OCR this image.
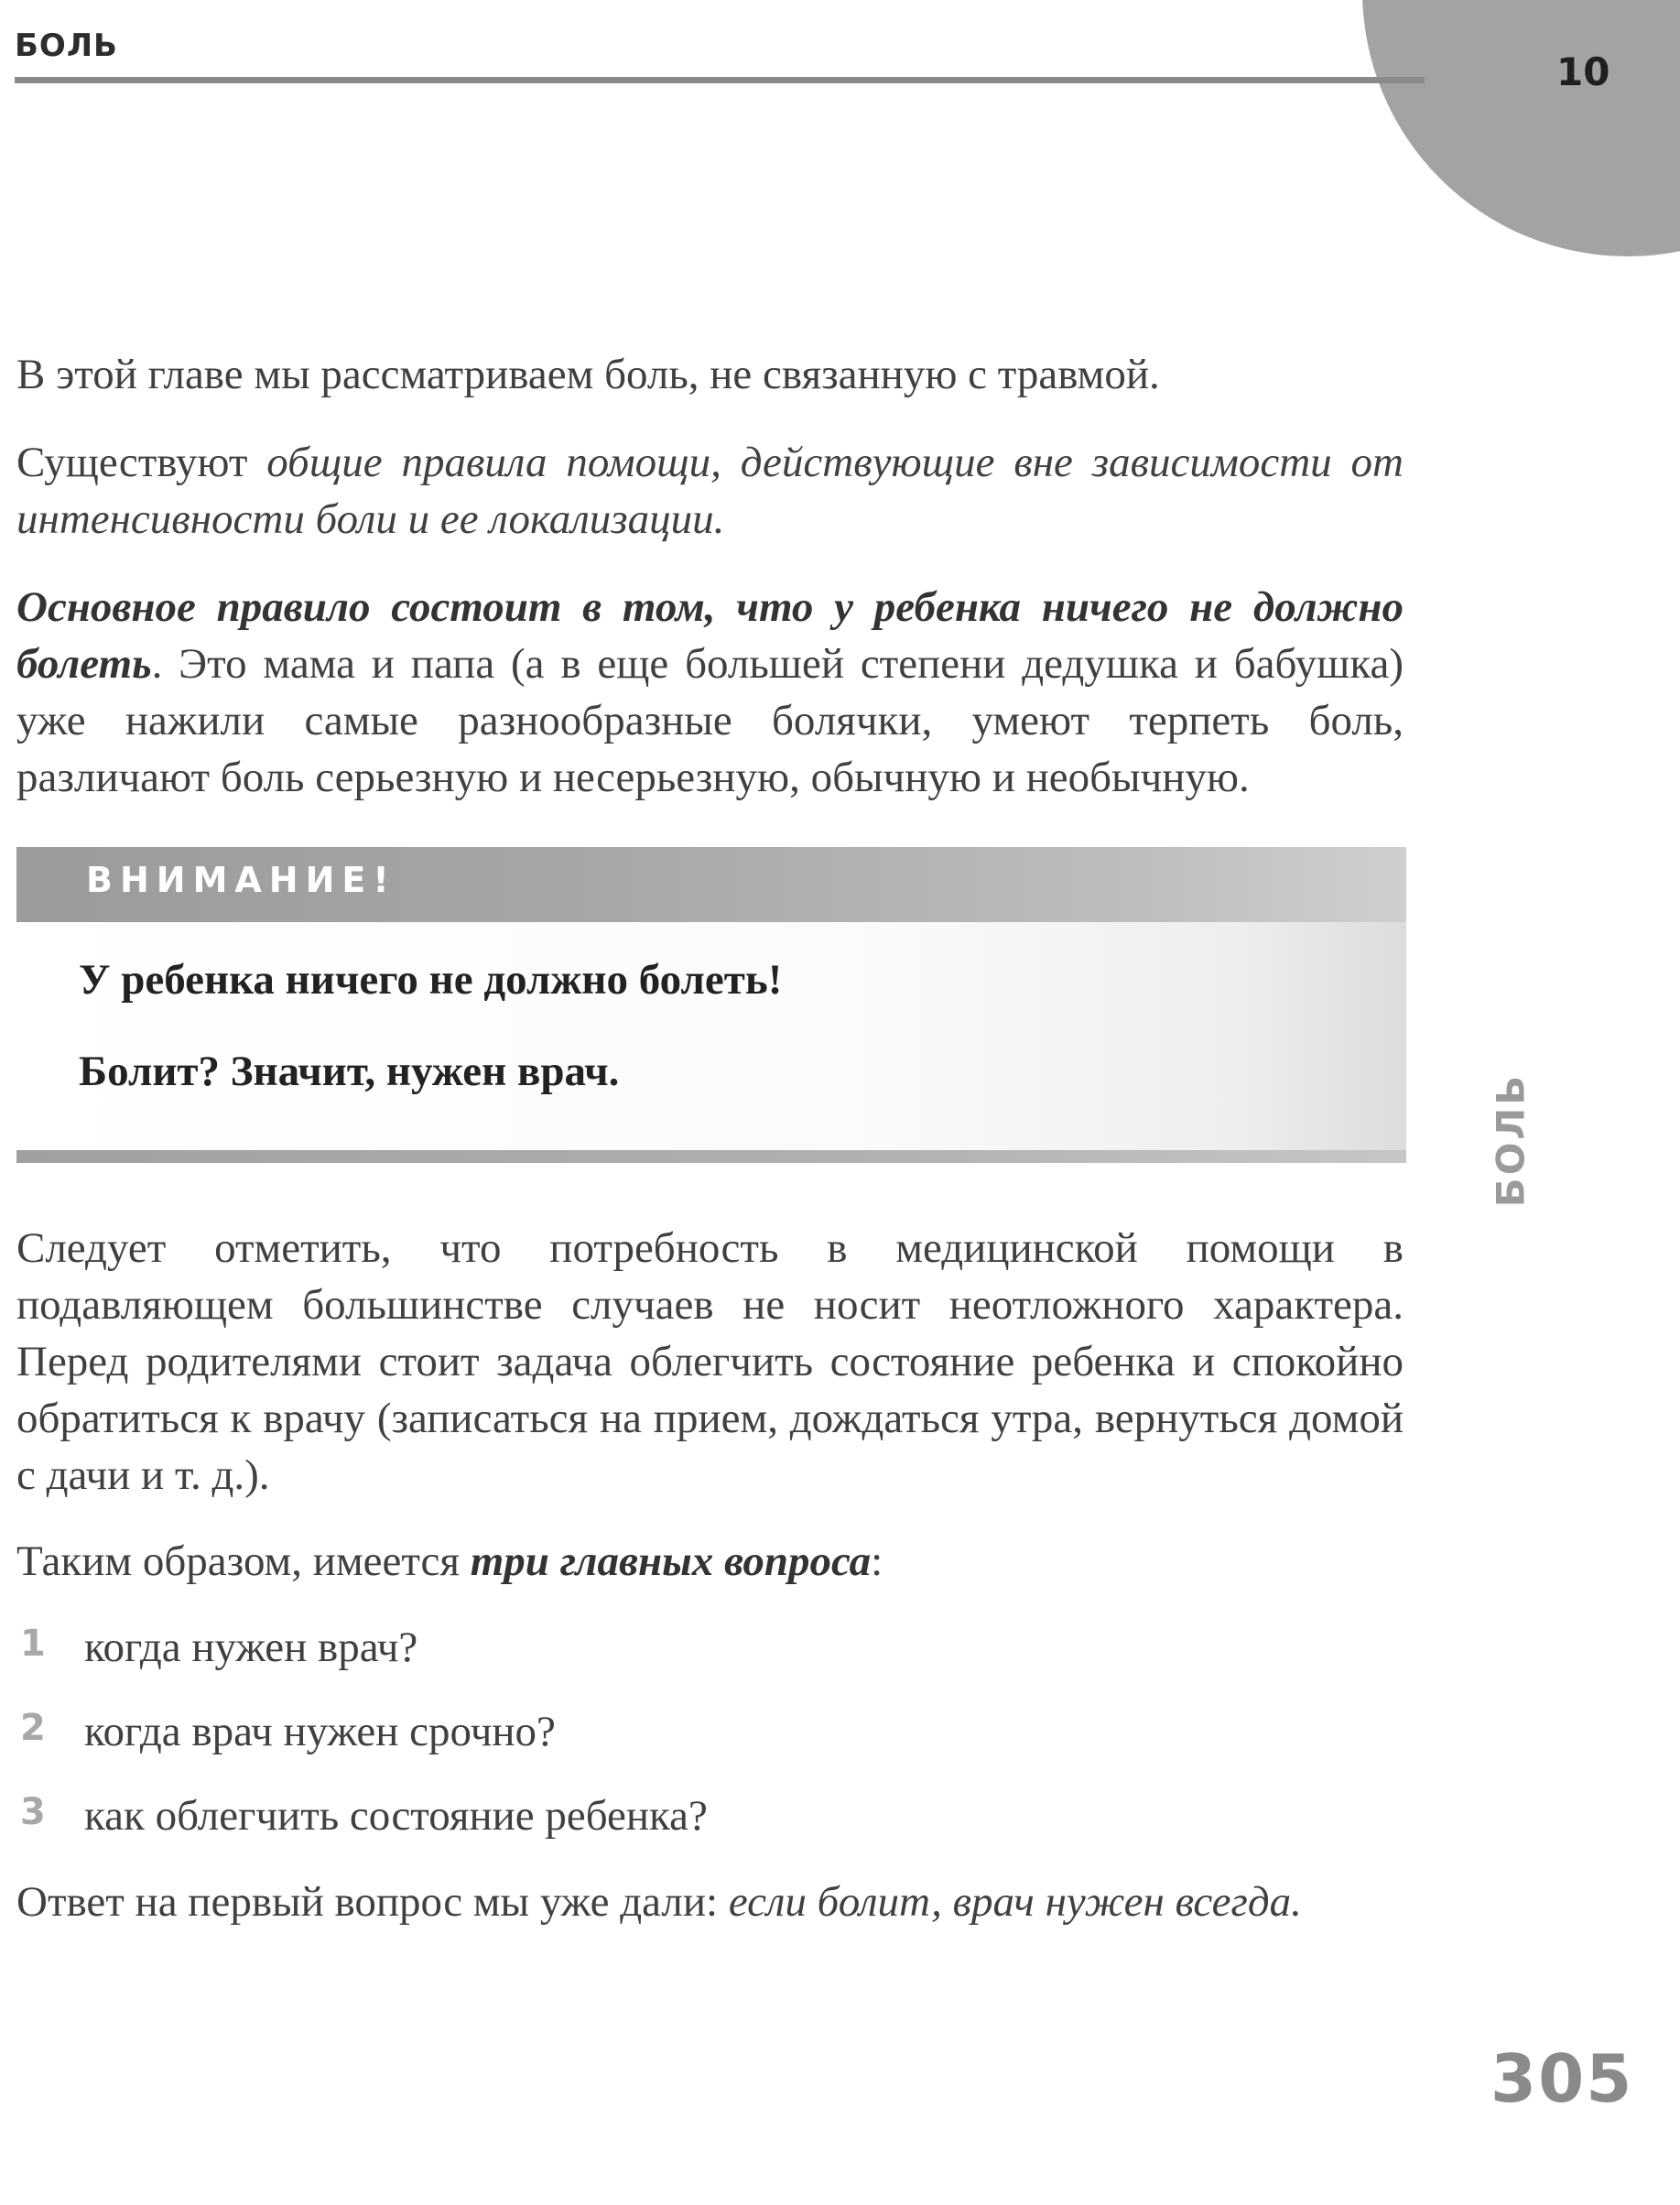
БОЛЬ
10
БОЛЬ

В этой главе мы рассматриваем боль, не связанную с травмой.

Существуют общие правила помощи, действующие вне зависимости от интенсивности боли и ее локализации.

Основное правило состоит в том, что у ребенка ничего не должно болеть. Это мама и папа (а в еще большей степени дедушка и бабушка) уже нажили самые разнообразные болячки, умеют терпеть боль, различают боль серьезную и несерьезную, обычную и необычную.

ВНИМАНИЕ!

У ребенка ничего не должно болеть!

Болит? Значит, нужен врач.

Следует отметить, что потребность в медицинской помощи в подавляющем большинстве случаев не носит неотложного характера. Перед родителями стоит задача облегчить состояние ребенка и спокойно обратиться к врачу (записаться на прием, дождаться утра, вернуться домой с дачи и т. д.).

Таким образом, имеется три главных вопроса:

1 когда нужен врач?
2 когда врач нужен срочно?
3 как облегчить состояние ребенка?

Ответ на первый вопрос мы уже дали: если болит, врач нужен всегда.

305
